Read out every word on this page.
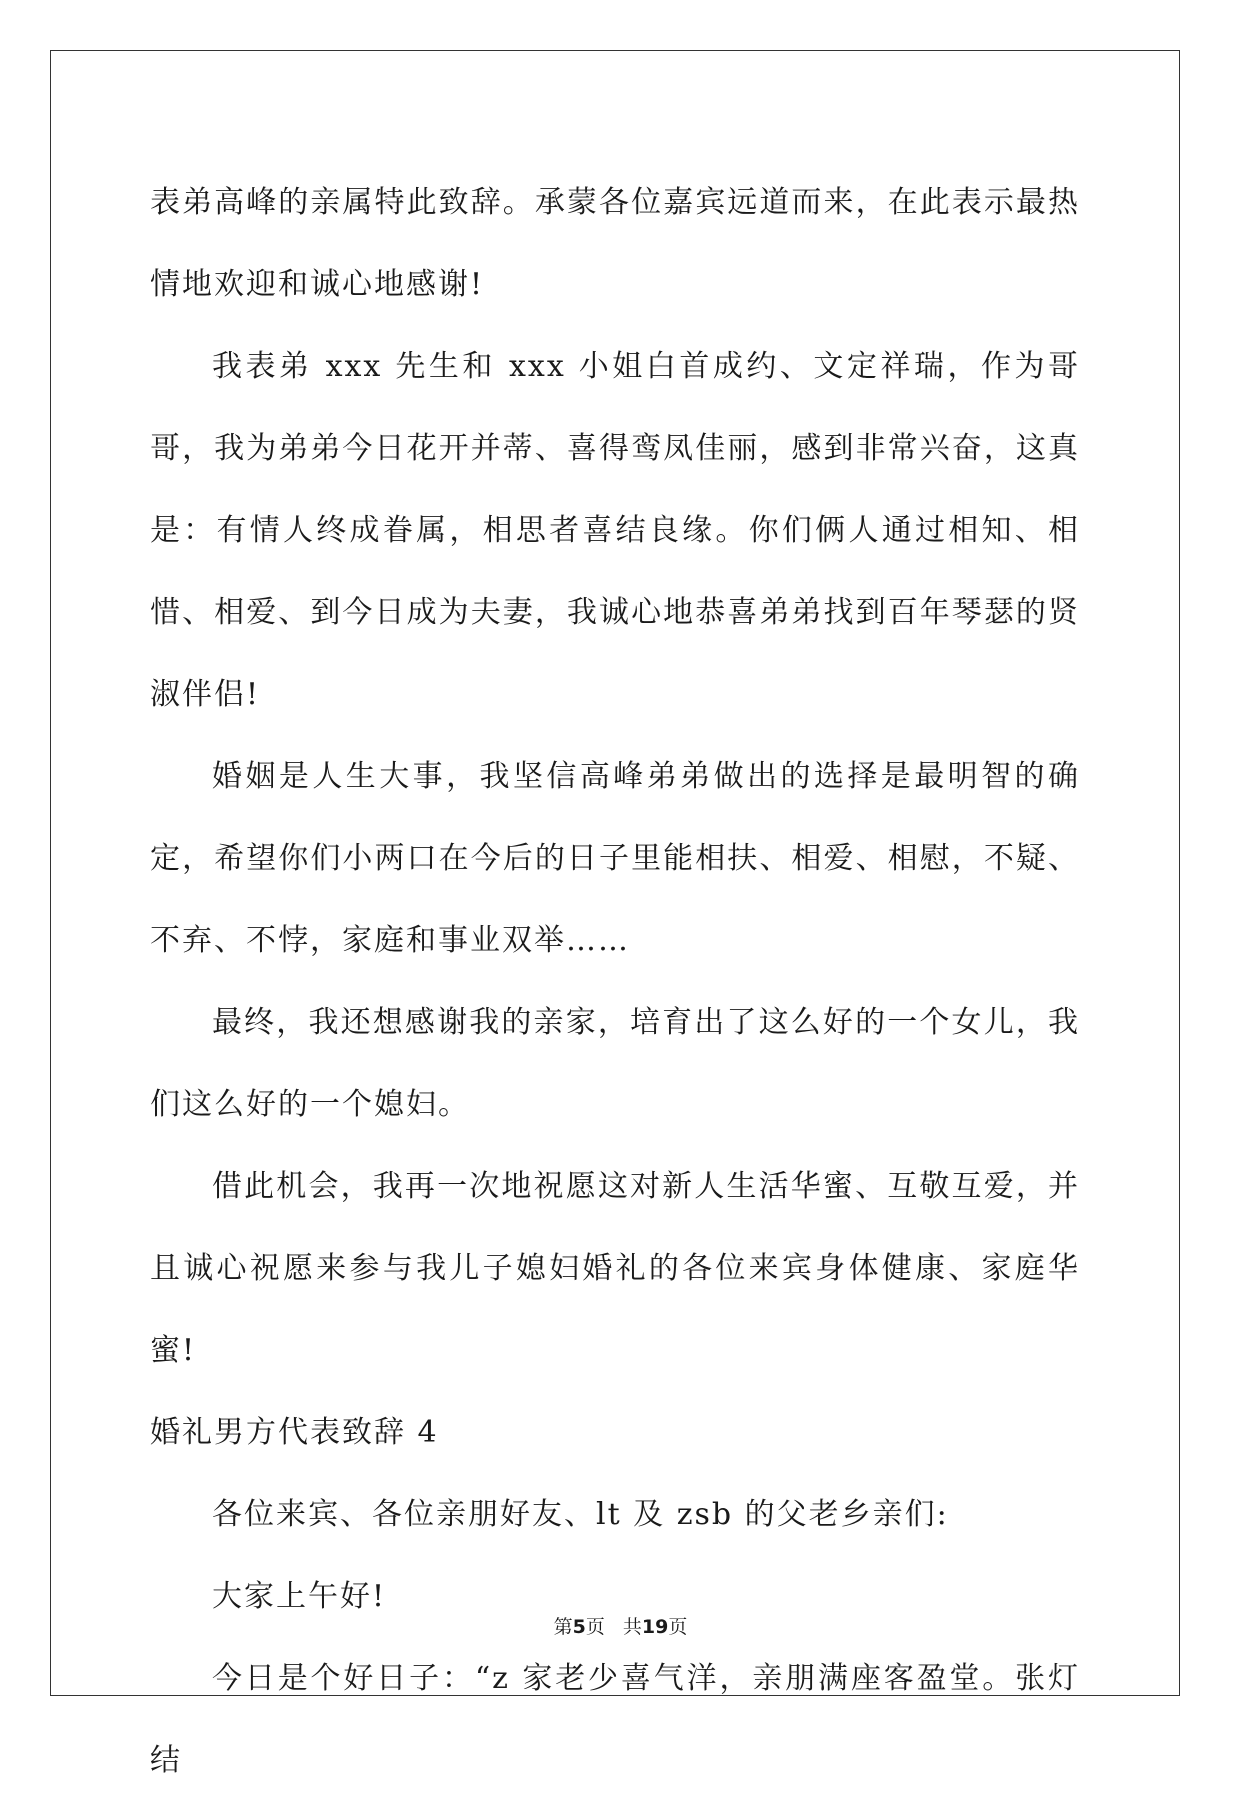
表弟高峰的亲属特此致辞。承蒙各位嘉宾远道而来，在此表示最热情地欢迎和诚心地感谢!

我表弟 xxx 先生和 xxx 小姐白首成约、文定祥瑞，作为哥哥，我为弟弟今日花开并蒂、喜得鸾凤佳丽，感到非常兴奋，这真是：有情人终成眷属，相思者喜结良缘。你们俩人通过相知、相惜、相爱、到今日成为夫妻，我诚心地恭喜弟弟找到百年琴瑟的贤淑伴侣!

婚姻是人生大事，我坚信高峰弟弟做出的选择是最明智的确定，希望你们小两口在今后的日子里能相扶、相爱、相慰，不疑、不弃、不悖，家庭和事业双举……

最终，我还想感谢我的亲家，培育出了这么好的一个女儿，我们这么好的一个媳妇。

借此机会，我再一次地祝愿这对新人生活华蜜、互敬互爱，并且诚心祝愿来参与我儿子媳妇婚礼的各位来宾身体健康、家庭华蜜!

婚礼男方代表致辞 4

各位来宾、各位亲朋好友、lt 及 zsb 的父老乡亲们:

大家上午好!

今日是个好日子：“z 家老少喜气洋，亲朋满座客盈堂。张灯结

第5页 共19页
